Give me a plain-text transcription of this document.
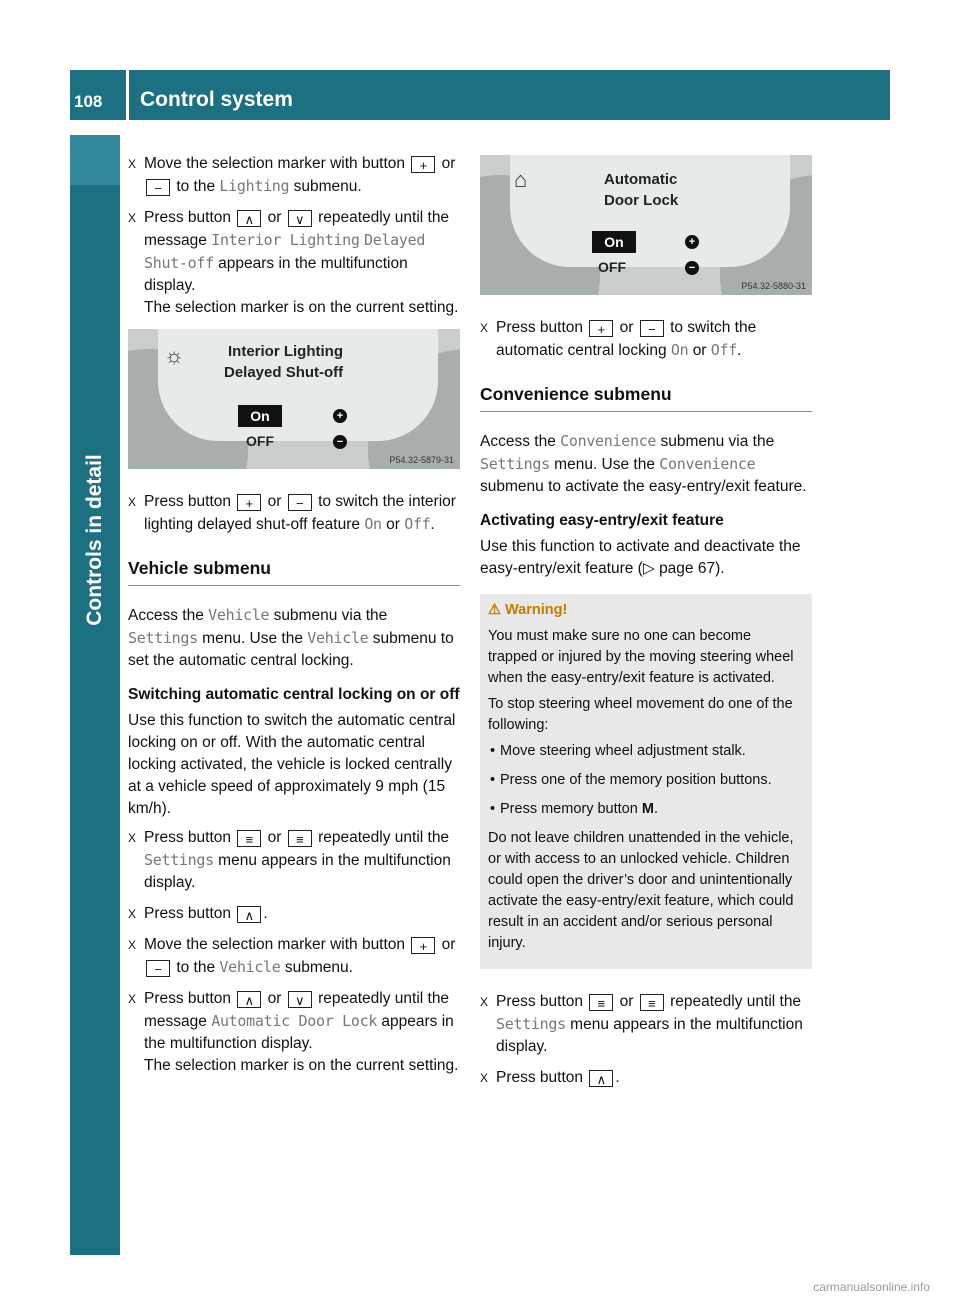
108 Control system
Controls in detail
X Move the selection marker with button + or − to the Lighting submenu.
X Press button ∧ or ∨ repeatedly until the message Interior Lighting Delayed Shut-off appears in the multifunction display.
The selection marker is on the current setting.
☼	Interior Lighting
Delayed Shut-off
On
OFF
+
−
P54.32-5879-31
X Press button + or − to switch the interior lighting delayed shut-off feature On or Off.
Vehicle submenu

Access the Vehicle submenu via the Settings menu. Use the Vehicle submenu to set the automatic central locking.

Switching automatic central locking on or off

Use this function to switch the automatic central locking on or off. With the automatic central locking activated, the vehicle is locked centrally at a vehicle speed of approximately 9 mph (15 km/h).

X Press button ≡ or ≡ repeatedly until the Settings menu appears in the multifunction display.
X Press button ∧ .
X Move the selection marker with button + or − to the Vehicle submenu.
X Press button ∧ or ∨ repeatedly until the message Automatic Door Lock appears in the multifunction display.
The selection marker is on the current setting.
⌂	Automatic
Door Lock
On
OFF
+
−
P54.32-5880-31
X Press button + or − to switch the automatic central locking On or Off.
Convenience submenu

Access the Convenience submenu via the Settings menu. Use the Convenience submenu to activate the easy-entry/exit feature.

Activating easy-entry/exit feature

Use this function to activate and deactivate the easy-entry/exit feature (▷ page 67).

⚠ Warning!

You must make sure no one can become trapped or injured by the moving steering wheel when the easy-entry/exit feature is activated.

To stop steering wheel movement do one of the following:

• Move steering wheel adjustment stalk.
• Press one of the memory position buttons.
• Press memory button M.

Do not leave children unattended in the vehicle, or with access to an unlocked vehicle. Children could open the driver’s door and unintentionally activate the easy-entry/exit feature, which could result in an accident and/or serious personal injury.

X Press button ≡ or ≡ repeatedly until the Settings menu appears in the multifunction display.
X Press button ∧ .
carmanualsonline.info
